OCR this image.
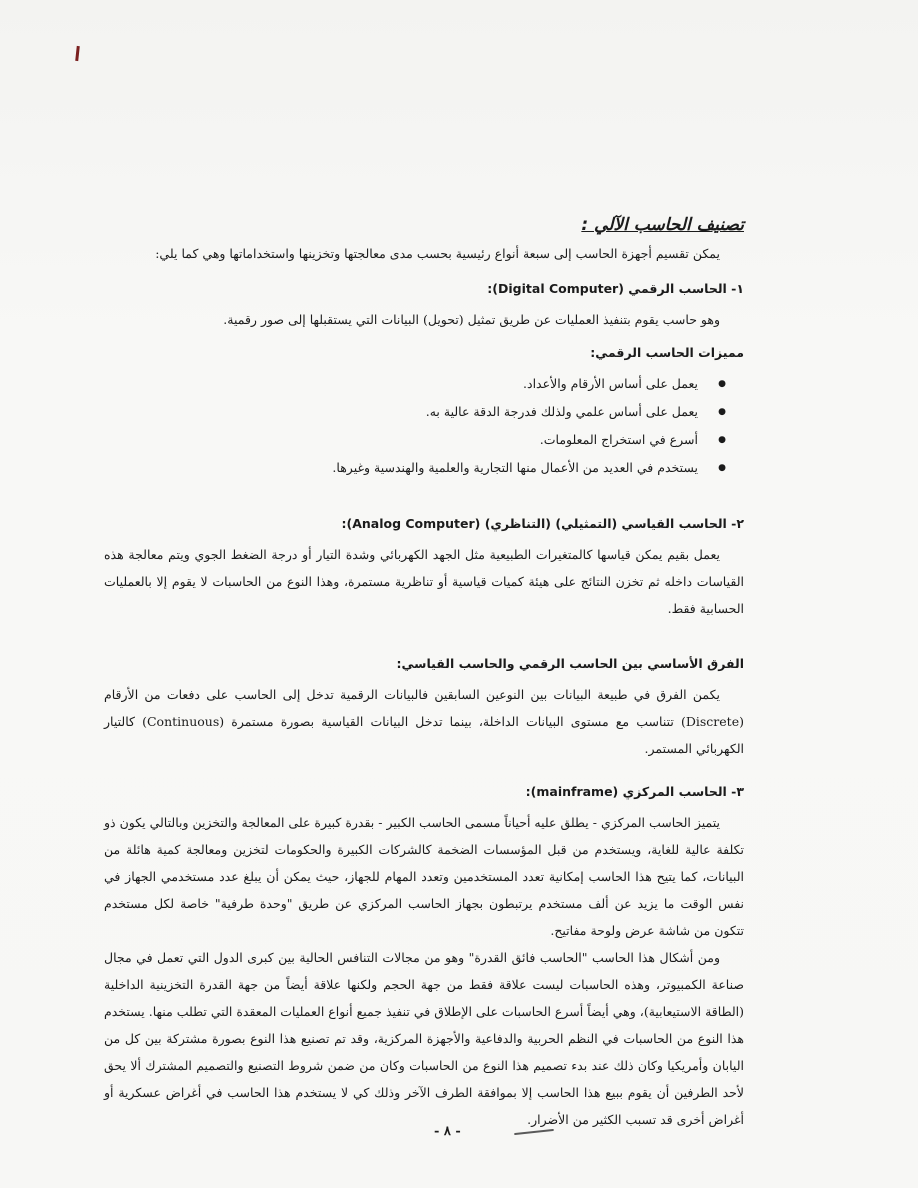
تصنيف الحاسب الآلي :
يمكن تقسيم أجهزة الحاسب إلى سبعة أنواع رئيسية بحسب مدى معالجتها وتخزينها واستخداماتها وهي كما يلي:
١- الحاسب الرقمي (Digital Computer):
وهو حاسب يقوم بتنفيذ العمليات عن طريق تمثيل (تحويل) البيانات التي يستقبلها إلى صور رقمية.
مميزات الحاسب الرقمي:
● يعمل على أساس الأرقام والأعداد.
● يعمل على أساس علمي ولذلك فدرجة الدقة عالية به.
● أسرع في استخراج المعلومات.
● يستخدم في العديد من الأعمال منها التجارية والعلمية والهندسية وغيرها.
٢- الحاسب القياسي (التمثيلي) (التناظري) (Analog Computer):
يعمل بقيم يمكن قياسها كالمتغيرات الطبيعية مثل الجهد الكهربائي وشدة التيار أو درجة الضغط الجوي ويتم معالجة هذه القياسات داخله ثم تخزن النتائج على هيئة كميات قياسية أو تناظرية مستمرة، وهذا النوع من الحاسبات لا يقوم إلا بالعمليات الحسابية فقط.
الفرق الأساسي بين الحاسب الرقمي والحاسب القياسي:
يكمن الفرق في طبيعة البيانات بين النوعين السابقين فالبيانات الرقمية تدخل إلى الحاسب على دفعات من الأرقام (Discrete) تتناسب مع مستوى البيانات الداخلة، بينما تدخل البيانات القياسية بصورة مستمرة (Continuous) كالتيار الكهربائي المستمر.
٣- الحاسب المركزي (mainframe):
يتميز الحاسب المركزي - يطلق عليه أحياناً مسمى الحاسب الكبير - بقدرة كبيرة على المعالجة والتخزين وبالتالي يكون ذو تكلفة عالية للغاية، ويستخدم من قبل المؤسسات الضخمة كالشركات الكبيرة والحكومات لتخزين ومعالجة كمية هائلة من البيانات، كما يتيح هذا الحاسب إمكانية تعدد المستخدمين وتعدد المهام للجهاز، حيث يمكن أن يبلغ عدد مستخدمي الجهاز في نفس الوقت ما يزيد عن ألف مستخدم يرتبطون بجهاز الحاسب المركزي عن طريق "وحدة طرفية" خاصة لكل مستخدم تتكون من شاشة عرض ولوحة مفاتيح.
ومن أشكال هذا الحاسب "الحاسب فائق القدرة" وهو من مجالات التنافس الحالية بين كبرى الدول التي تعمل في مجال صناعة الكمبيوتر، وهذه الحاسبات ليست علاقة فقط من جهة الحجم ولكنها علاقة أيضاً من جهة القدرة التخزينية الداخلية (الطاقة الاستيعابية)، وهي أيضاً أسرع الحاسبات على الإطلاق في تنفيذ جميع أنواع العمليات المعقدة التي تطلب منها. يستخدم هذا النوع من الحاسبات في النظم الحربية والدفاعية والأجهزة المركزية، وقد تم تصنيع هذا النوع بصورة مشتركة بين كل من اليابان وأمريكيا وكان ذلك عند بدء تصميم هذا النوع من الحاسبات وكان من ضمن شروط التصنيع والتصميم المشترك ألا يحق لأحد الطرفين أن يقوم ببيع هذا الحاسب إلا بموافقة الطرف الآخر وذلك كي لا يستخدم هذا الحاسب في أغراض عسكرية أو أغراض أخرى قد تسبب الكثير من الأضرار.
- ٨ -
